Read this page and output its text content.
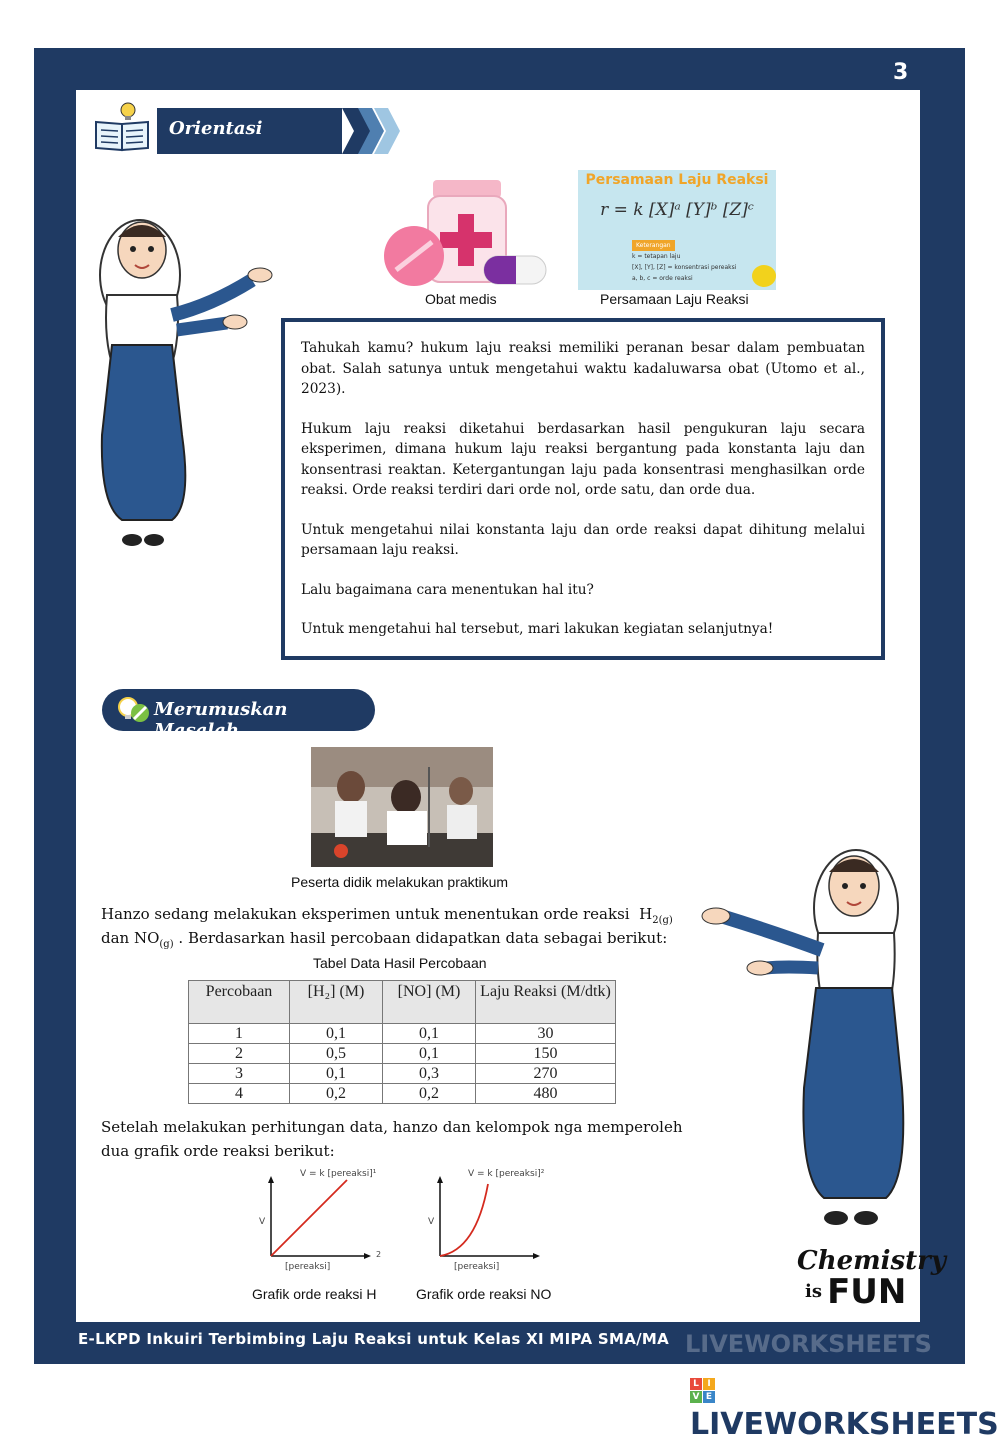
3
Orientasi
Obat medis
Persamaan Laju Reaksi
r = k [X]ᵃ [Y]ᵇ [Z]ᶜ
Keterangan
k = tetapan laju
[X], [Y], [Z] = konsentrasi pereaksi
a, b, c = orde reaksi
Persamaan Laju Reaksi

Tahukah kamu? hukum laju reaksi memiliki peranan besar dalam pembuatan obat. Salah satunya untuk mengetahui waktu kadaluwarsa obat (Utomo et al., 2023).

Hukum laju reaksi diketahui berdasarkan hasil pengukuran laju secara eksperimen, dimana hukum laju reaksi bergantung pada konstanta laju dan konsentrasi reaktan. Ketergantungan laju pada konsentrasi menghasilkan orde reaksi. Orde reaksi terdiri dari orde nol, orde satu, dan orde dua.

Untuk mengetahui nilai konstanta laju dan orde reaksi dapat dihitung melalui persamaan laju reaksi.

Lalu bagaimana cara menentukan hal itu?

Untuk mengetahui hal tersebut, mari lakukan kegiatan selanjutnya!

Merumuskan Masalah
Peserta didik melakukan praktikum
Hanzo sedang melakukan eksperimen untuk menentukan orde reaksi $H_{2(g)}$
dan $NO_{(g)}$ . Berdasarkan hasil percobaan didapatkan data sebagai berikut:
Tabel Data Hasil Percobaan
Percobaan	[H₂] (M)	[NO] (M)	Laju Reaksi (M/dtk)
1	0,1	0,1	30
2	0,5	0,1	150
3	0,1	0,3	270
4	0,2	0,2	480
Setelah melakukan perhitungan data, hanzo dan kelompok nga memperoleh
dua grafik orde reaksi berikut:
V = k [pereaksi]¹
V
[pereaksi]
2
Grafik orde reaksi H
V = k [pereaksi]²
V
[pereaksi]
Grafik orde reaksi NO
Chemistry
is FUN
E-LKPD Inkuiri Terbimbing Laju Reaksi untuk Kelas XI MIPA SMA/MA LIVEWORKSHEETS
L I
V E
LIVEWORKSHEETS
